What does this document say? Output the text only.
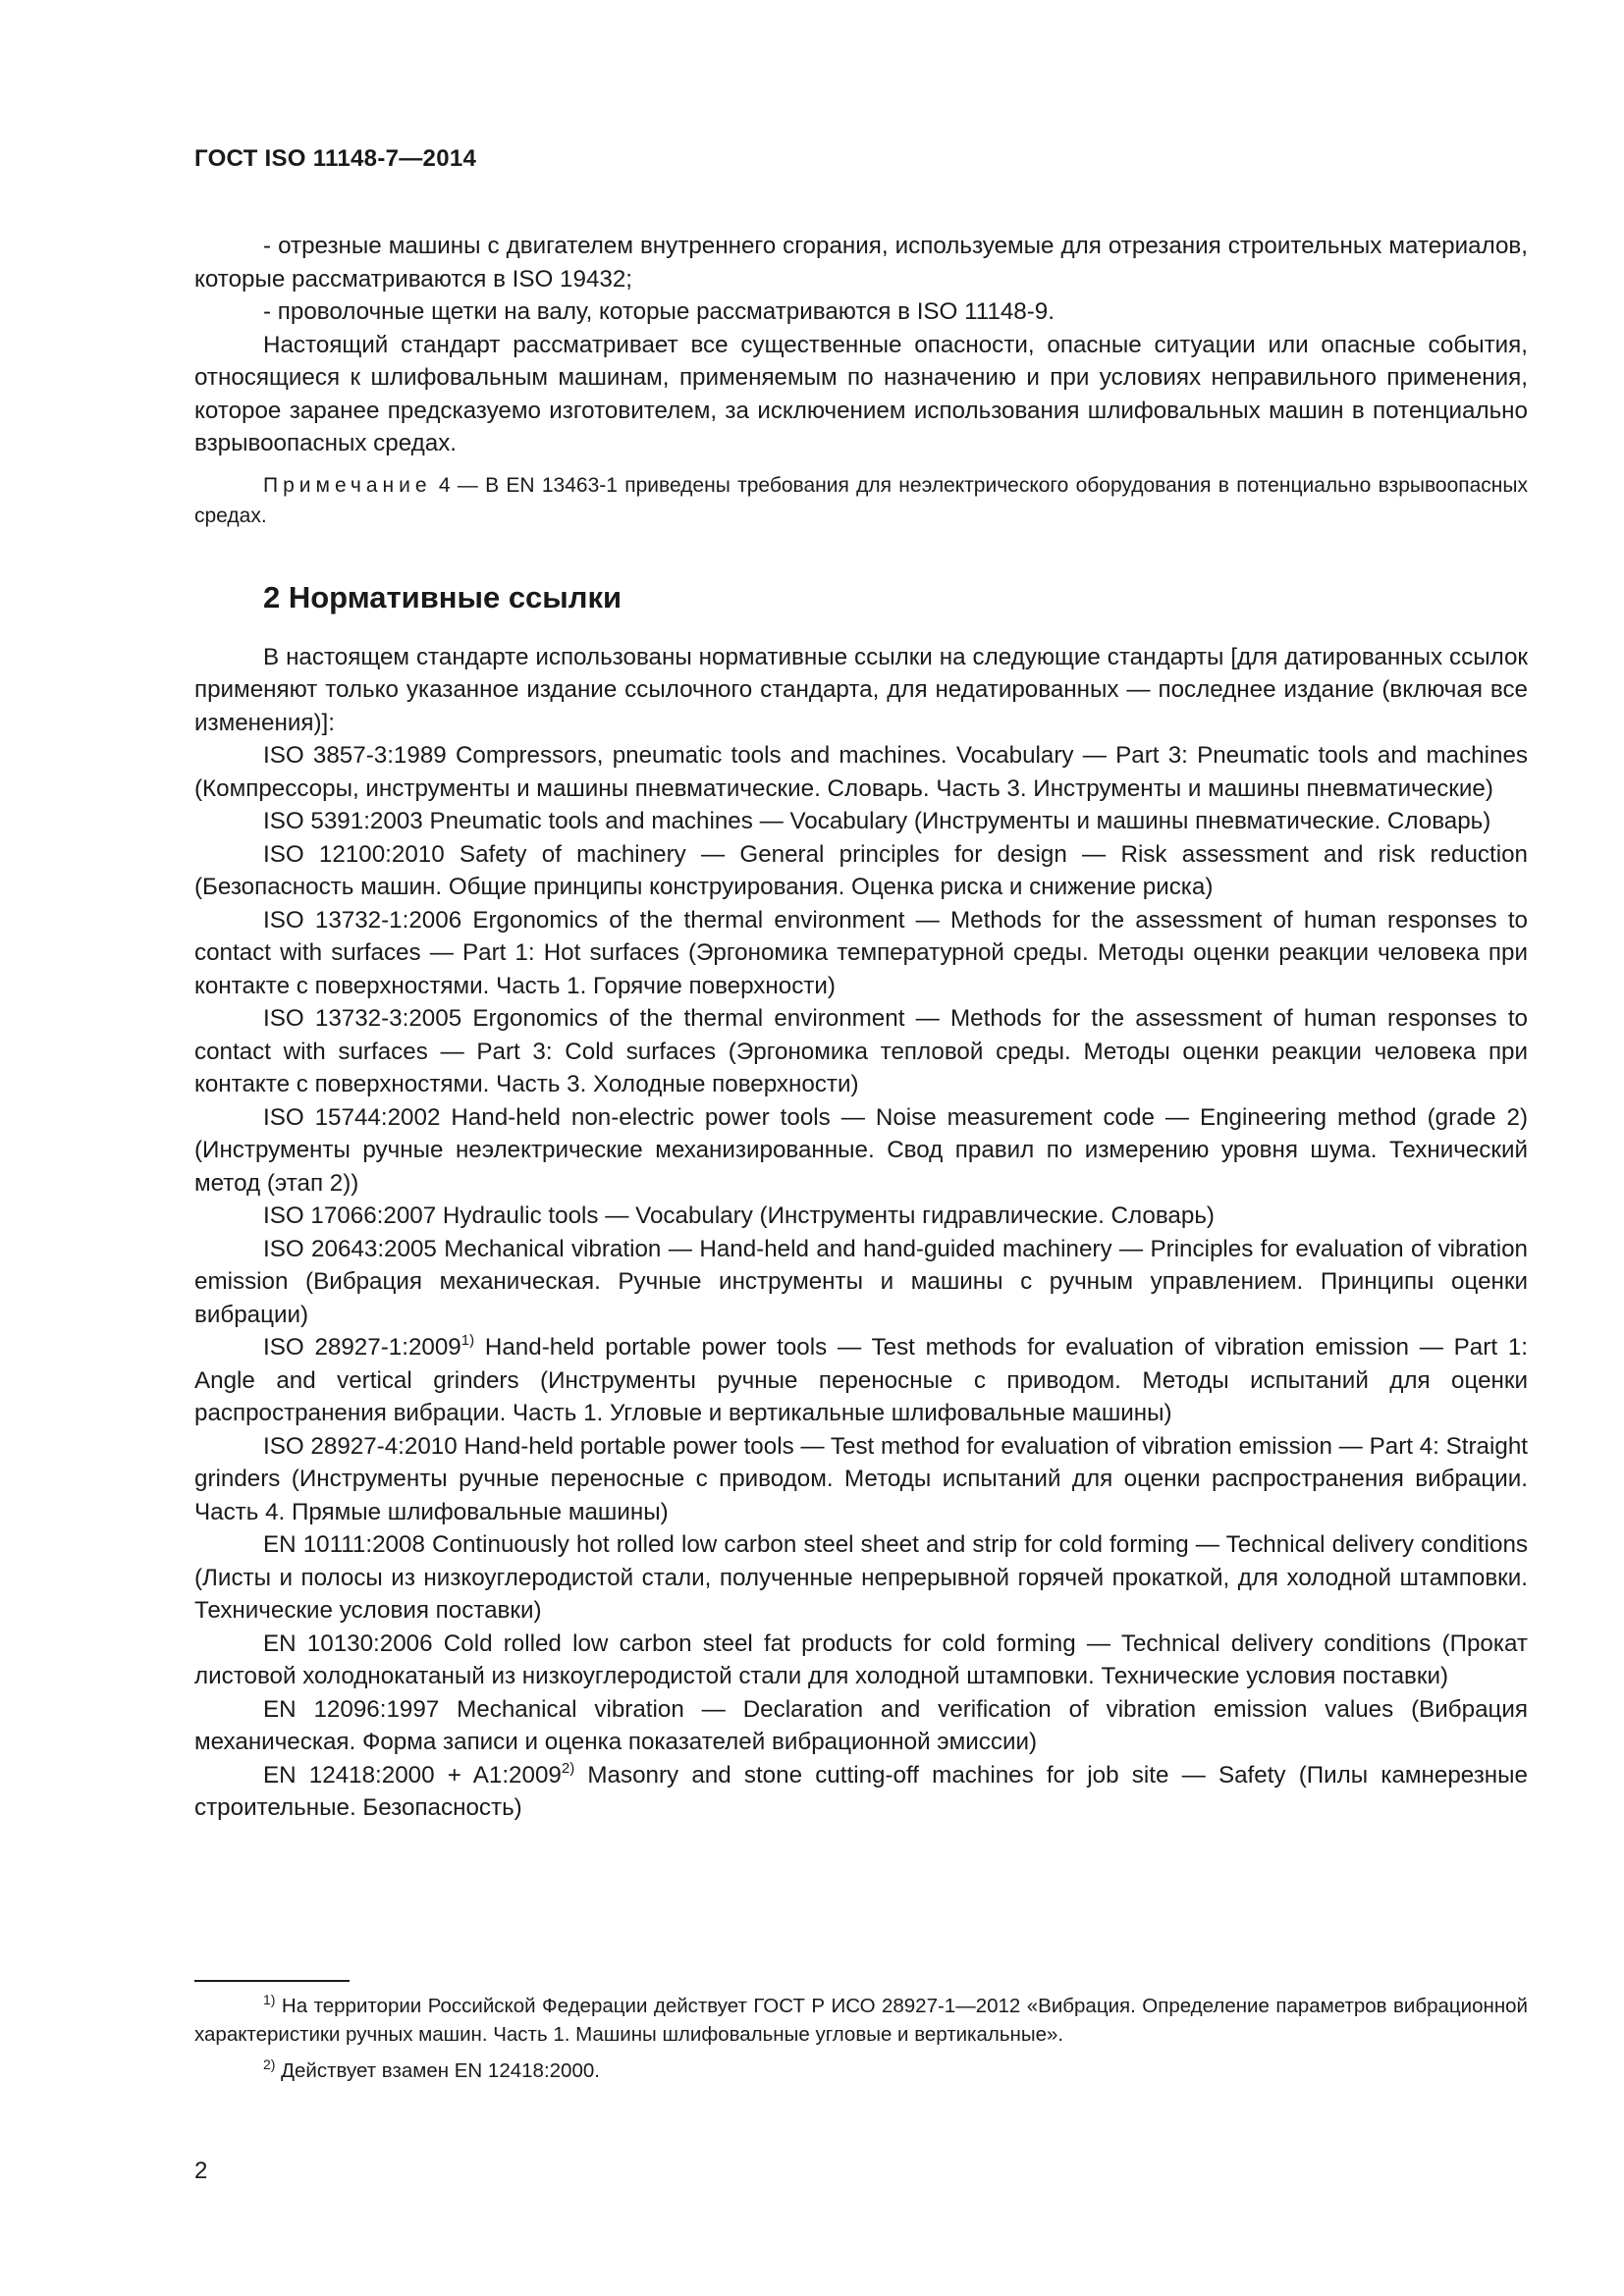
ГОСТ ISO 11148-7—2014

- отрезные машины с двигателем внутреннего сгорания, используемые для отрезания строительных материалов, которые рассматриваются в ISO 19432;

- проволочные щетки на валу, которые рассматриваются в ISO 11148-9.

Настоящий стандарт рассматривает все существенные опасности, опасные ситуации или опасные события, относящиеся к шлифовальным машинам, применяемым по назначению и при условиях неправильного применения, которое заранее предсказуемо изготовителем, за исключением использования шлифовальных машин в потенциально взрывоопасных средах.

Примечание 4 — В EN 13463-1 приведены требования для неэлектрического оборудования в потенциально взрывоопасных средах.

2 Нормативные ссылки

В настоящем стандарте использованы нормативные ссылки на следующие стандарты [для датированных ссылок применяют только указанное издание ссылочного стандарта, для недатированных — последнее издание (включая все изменения)]:

ISO 3857-3:1989 Compressors, pneumatic tools and machines. Vocabulary — Part 3: Pneumatic tools and machines (Компрессоры, инструменты и машины пневматические. Словарь. Часть 3. Инструменты и машины пневматические)

ISO 5391:2003 Pneumatic tools and machines — Vocabulary (Инструменты и машины пневматические. Словарь)

ISO 12100:2010 Safety of machinery — General principles for design — Risk assessment and risk reduction (Безопасность машин. Общие принципы конструирования. Оценка риска и снижение риска)

ISO 13732-1:2006 Ergonomics of the thermal environment — Methods for the assessment of human responses to contact with surfaces — Part 1: Hot surfaces (Эргономика температурной среды. Методы оценки реакции человека при контакте с поверхностями. Часть 1. Горячие поверхности)

ISO 13732-3:2005 Ergonomics of the thermal environment — Methods for the assessment of human responses to contact with surfaces — Part 3: Cold surfaces (Эргономика тепловой среды. Методы оценки реакции человека при контакте с поверхностями. Часть 3. Холодные поверхности)

ISO 15744:2002 Hand-held non-electric power tools — Noise measurement code — Engineering method (grade 2) (Инструменты ручные неэлектрические механизированные. Свод правил по измерению уровня шума. Технический метод (этап 2))

ISO 17066:2007 Hydraulic tools — Vocabulary (Инструменты гидравлические. Словарь)

ISO 20643:2005 Mechanical vibration — Hand-held and hand-guided machinery — Principles for evaluation of vibration emission (Вибрация механическая. Ручные инструменты и машины с ручным управлением. Принципы оценки вибрации)

ISO 28927-1:2009$^{1)}$ Hand-held portable power tools — Test methods for evaluation of vibration emission — Part 1: Angle and vertical grinders (Инструменты ручные переносные с приводом. Методы испытаний для оценки распространения вибрации. Часть 1. Угловые и вертикальные шлифовальные машины)

ISO 28927-4:2010 Hand-held portable power tools — Test method for evaluation of vibration emission — Part 4: Straight grinders (Инструменты ручные переносные с приводом. Методы испытаний для оценки распространения вибрации. Часть 4. Прямые шлифовальные машины)

EN 10111:2008 Continuously hot rolled low carbon steel sheet and strip for cold forming — Technical delivery conditions (Листы и полосы из низкоуглеродистой стали, полученные непрерывной горячей прокаткой, для холодной штамповки. Технические условия поставки)

EN 10130:2006 Cold rolled low carbon steel fat products for cold forming — Technical delivery conditions (Прокат листовой холоднокатаный из низкоуглеродистой стали для холодной штамповки. Технические условия поставки)

EN 12096:1997 Mechanical vibration — Declaration and verification of vibration emission values (Вибрация механическая. Форма записи и оценка показателей вибрационной эмиссии)

EN 12418:2000 + $A1:2009^{2)}$ Masonry and stone cutting-off machines for job site — Safety (Пилы камнерезные строительные. Безопасность)

$^{1)}$ На территории Российской Федерации действует ГОСТ Р ИСО 28927-1—2012 «Вибрация. Определение параметров вибрационной характеристики ручных машин. Часть 1. Машины шлифовальные угловые и вертикальные».

$^{2)}$ Действует взамен EN 12418:2000.

2
